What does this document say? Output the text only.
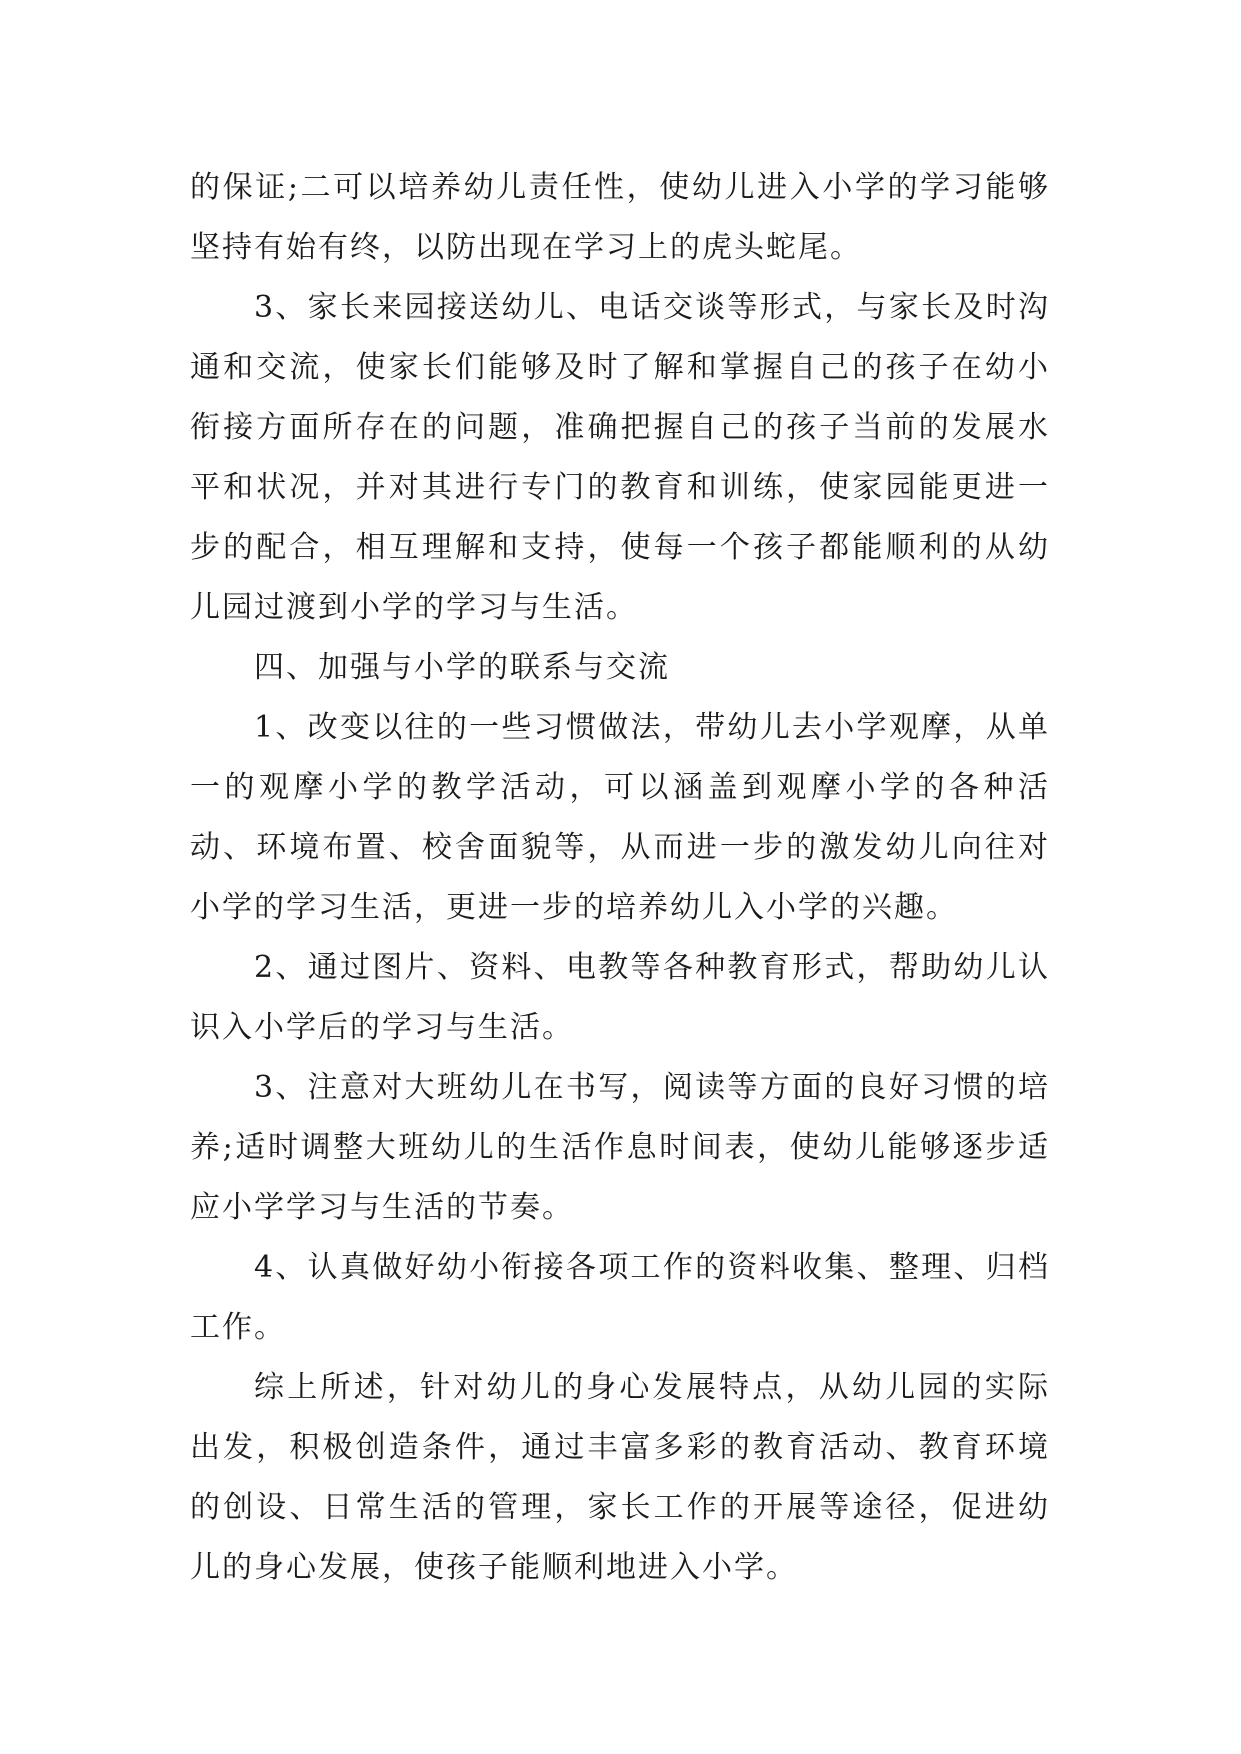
的保证;二可以培养幼儿责任性，使幼儿进入小学的学习能够坚持有始有终，以防出现在学习上的虎头蛇尾。

3、家长来园接送幼儿、电话交谈等形式，与家长及时沟通和交流，使家长们能够及时了解和掌握自己的孩子在幼小衔接方面所存在的问题，准确把握自己的孩子当前的发展水平和状况，并对其进行专门的教育和训练，使家园能更进一步的配合，相互理解和支持，使每一个孩子都能顺利的从幼儿园过渡到小学的学习与生活。

四、加强与小学的联系与交流

1、改变以往的一些习惯做法，带幼儿去小学观摩，从单一的观摩小学的教学活动，可以涵盖到观摩小学的各种活动、环境布置、校舍面貌等，从而进一步的激发幼儿向往对小学的学习生活，更进一步的培养幼儿入小学的兴趣。

2、通过图片、资料、电教等各种教育形式，帮助幼儿认识入小学后的学习与生活。

3、注意对大班幼儿在书写，阅读等方面的良好习惯的培养;适时调整大班幼儿的生活作息时间表，使幼儿能够逐步适应小学学习与生活的节奏。

4、认真做好幼小衔接各项工作的资料收集、整理、归档工作。

综上所述，针对幼儿的身心发展特点，从幼儿园的实际出发，积极创造条件，通过丰富多彩的教育活动、教育环境的创设、日常生活的管理，家长工作的开展等途径，促进幼儿的身心发展，使孩子能顺利地进入小学。
